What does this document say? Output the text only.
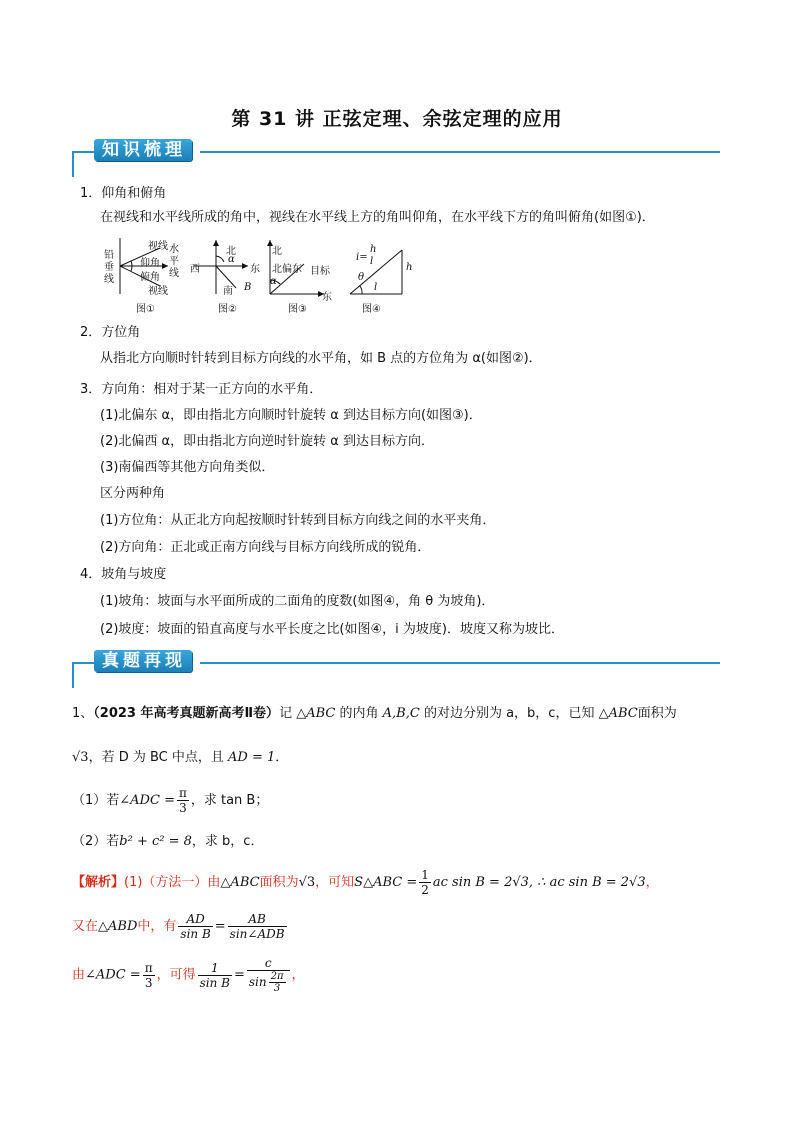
第 31 讲 正弦定理、余弦定理的应用
知识梳理
1．仰角和俯角
在视线和水平线所成的角中，视线在水平线上方的角叫仰角，在水平线下方的角叫俯角(如图①)．
视线
仰角
俯角
视线
铅垂线
水平线
图①
北
西	东
α
南 B
图②
北
北偏东 目标
α
东
图③
i=
h
l
h
θ
l
图④
2．方位角
从指北方向顺时针转到目标方向线的水平角，如 B 点的方位角为 α(如图②)．
3．方向角：相对于某一正方向的水平角．
(1)北偏东 α，即由指北方向顺时针旋转 α 到达目标方向(如图③)．
(2)北偏西 α，即由指北方向逆时针旋转 α 到达目标方向．
(3)南偏西等其他方向角类似．
区分两种角
(1)方位角：从正北方向起按顺时针转到目标方向线之间的水平夹角．
(2)方向角：正北或正南方向线与目标方向线所成的锐角．
4．坡角与坡度
(1)坡角：坡面与水平面所成的二面角的度数(如图④，角 θ 为坡角)．
(2)坡度：坡面的铅直高度与水平长度之比(如图④，i 为坡度)．坡度又称为坡比．
真题再现
1、（2023 年高考真题新高考Ⅱ卷）记 △ABC 的内角 A,B,C 的对边分别为 a，b，c，已知 △ABC面积为
√3，若 D 为 BC 中点，且 AD = 1．
（1）若∠ADC = $\frac{\pi}{3}$ ，求 tan B；
（2）若b² + c² = 8，求 b，c．
【解析】(1)（方法一）由△ABC面积为√3，可知S△ABC = $\frac{1}{2}$ ac sin B = 2√3, ∴ ac sin B = 2√3，
又在△ABD中，有 $\frac{AD}{\text{sin B}} = \frac{AB}{\text{sin∠ADB}}$
由∠ADC = $\frac{\pi}{3}$ ，可得 $\frac{1}{\text{sin B}} = \frac{c}{\sin \frac{2\pi}{3}}$ ，
